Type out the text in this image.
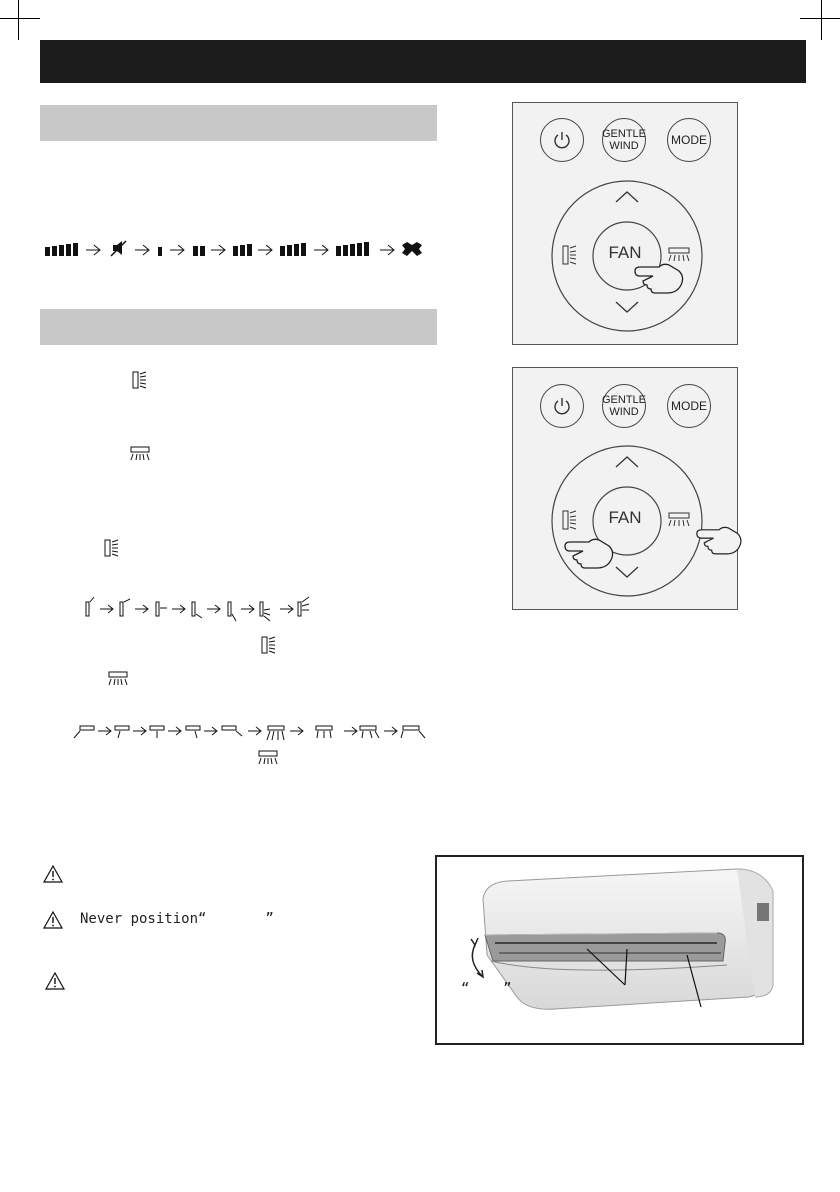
Never position“       ”
GENTLE
WIND	MODE
FAN
GENTLE
WIND	MODE
FAN
“    ”
